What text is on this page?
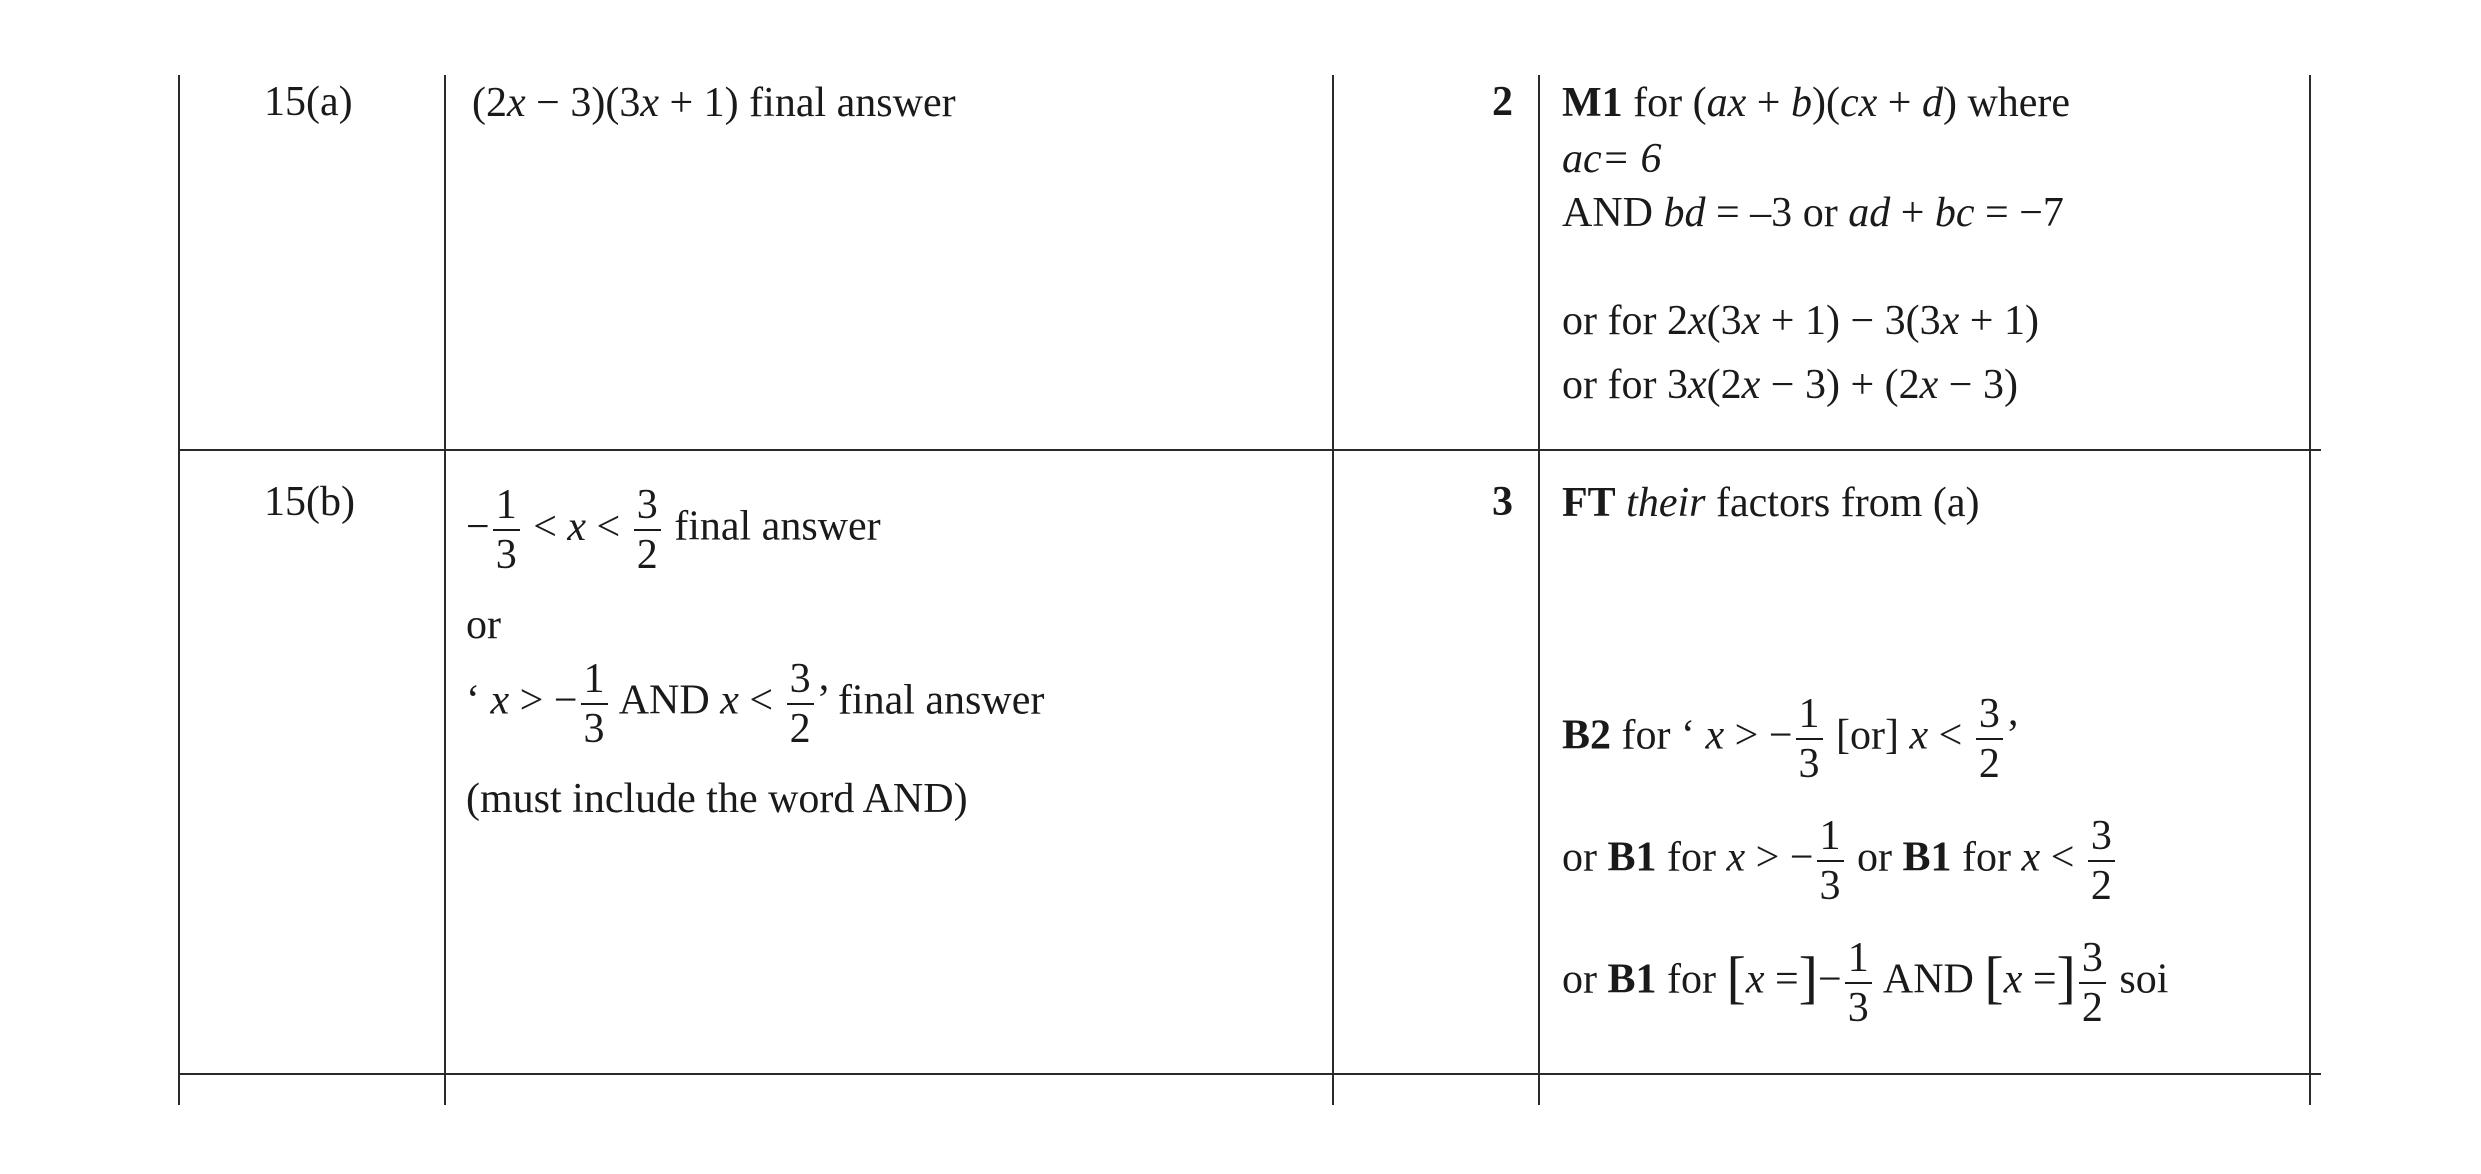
15(a)	(2x − 3)(3x + 1) final answer	2 M1 for (ax + b)(cx + d) where
ac= 6
AND bd = –3 or ad + bc = −7
or for 2x(3x + 1) − 3(3x + 1)
or for 3x(2x − 3) + (2x − 3)
15(b)
− $\frac{1}{3} < x < \frac{3}{2}$ final answer
or
‘ x > − $\frac{1}{3}$ AND $x < \frac{3}{2}$ ’ final answer
(must include the word AND)
3 FT their factors from (a)
B2 for ‘ x > − $\frac{1}{3} [or] x < \frac{3}{2}$ ’
or B1 for x > − $\frac{1}{3}$ or B1 for $x < \frac{3}{2}$
or B1 for [x =]− $\frac{1}{3}$ AND [x =] $\frac{3}{2}$ soi
